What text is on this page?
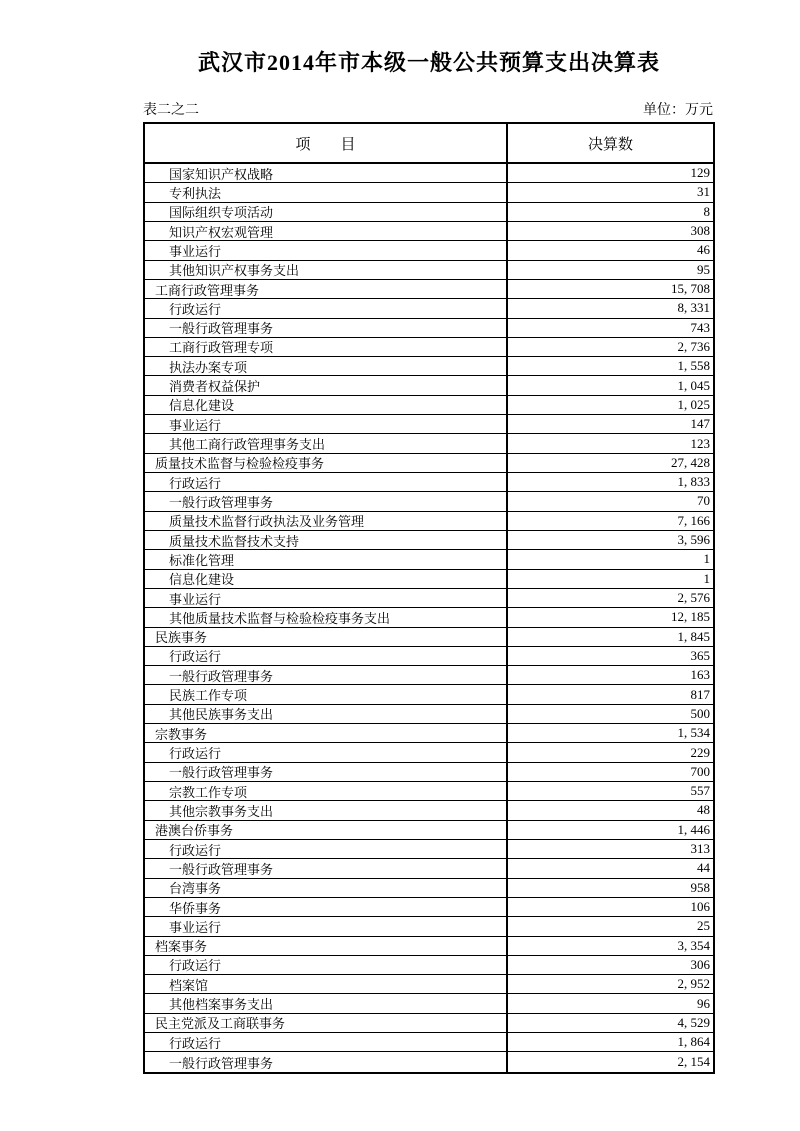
武汉市2014年市本级一般公共预算支出决算表
表二之二	单位：万元
项　　目	决算数
国家知识产权战略	129
专利执法	31
国际组织专项活动	8
知识产权宏观管理	308
事业运行	46
其他知识产权事务支出	95
工商行政管理事务	15, 708
行政运行	8, 331
一般行政管理事务	743
工商行政管理专项	2, 736
执法办案专项	1, 558
消费者权益保护	1, 045
信息化建设	1, 025
事业运行	147
其他工商行政管理事务支出	123
质量技术监督与检验检疫事务	27, 428
行政运行	1, 833
一般行政管理事务	70
质量技术监督行政执法及业务管理	7, 166
质量技术监督技术支持	3, 596
标准化管理	1
信息化建设	1
事业运行	2, 576
其他质量技术监督与检验检疫事务支出	12, 185
民族事务	1, 845
行政运行	365
一般行政管理事务	163
民族工作专项	817
其他民族事务支出	500
宗教事务	1, 534
行政运行	229
一般行政管理事务	700
宗教工作专项	557
其他宗教事务支出	48
港澳台侨事务	1, 446
行政运行	313
一般行政管理事务	44
台湾事务	958
华侨事务	106
事业运行	25
档案事务	3, 354
行政运行	306
档案馆	2, 952
其他档案事务支出	96
民主党派及工商联事务	4, 529
行政运行	1, 864
一般行政管理事务	2, 154
